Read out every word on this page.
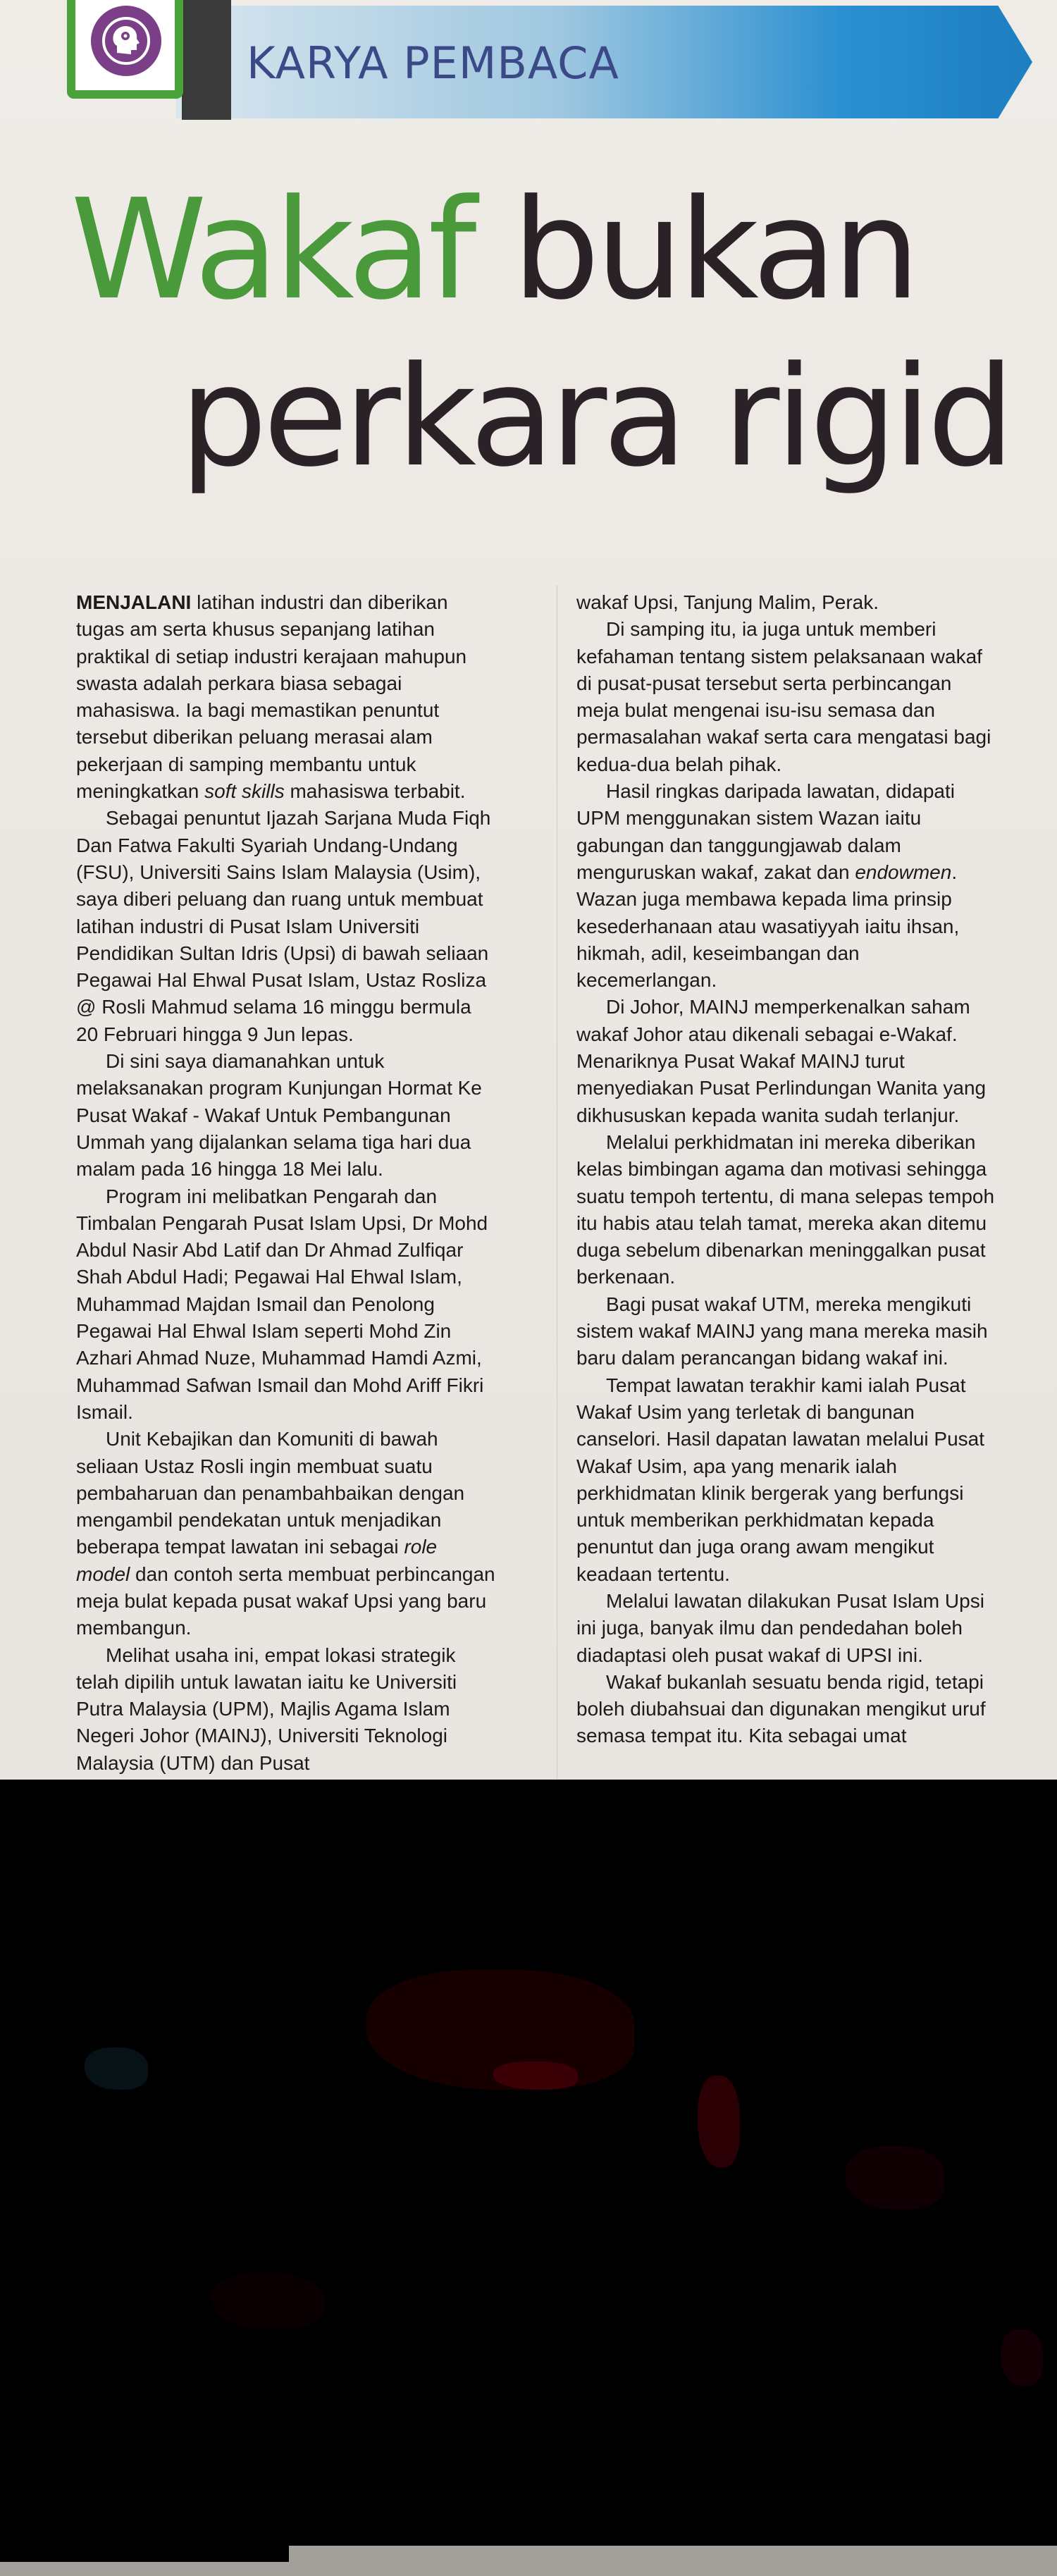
KARYA PEMBACA
Wakaf bukan
perkara rigid

MENJALANI latihan industri dan diberikan tugas am serta khusus sepanjang latihan praktikal di setiap industri kerajaan mahupun swasta adalah perkara biasa sebagai mahasiswa. Ia bagi memastikan penuntut tersebut diberikan peluang merasai alam pekerjaan di samping membantu untuk meningkatkan soft skills mahasiswa terbabit.

Sebagai penuntut Ijazah Sarjana Muda Fiqh Dan Fatwa Fakulti Syariah Undang-Undang (FSU), Universiti Sains Islam Malaysia (Usim), saya diberi peluang dan ruang untuk membuat latihan industri di Pusat Islam Universiti Pendidikan Sultan Idris (Upsi) di bawah seliaan Pegawai Hal Ehwal Pusat Islam, Ustaz Rosliza @ Rosli Mahmud selama 16 minggu bermula 20 Februari hingga 9 Jun lepas.

Di sini saya diamanahkan untuk melaksanakan program Kunjungan Hormat Ke Pusat Wakaf - Wakaf Untuk Pembangunan Ummah yang dijalankan selama tiga hari dua malam pada 16 hingga 18 Mei lalu.

Program ini melibatkan Pengarah dan Timbalan Pengarah Pusat Islam Upsi, Dr Mohd Abdul Nasir Abd Latif dan Dr Ahmad Zulfiqar Shah Abdul Hadi; Pegawai Hal Ehwal Islam, Muhammad Majdan Ismail dan Penolong Pegawai Hal Ehwal Islam seperti Mohd Zin Azhari Ahmad Nuze, Muhammad Hamdi Azmi, Muhammad Safwan Ismail dan Mohd Ariff Fikri Ismail.

Unit Kebajikan dan Komuniti di bawah seliaan Ustaz Rosli ingin membuat suatu pembaharuan dan penambahbaikan dengan mengambil pendekatan untuk menjadikan beberapa tempat lawatan ini sebagai role model dan contoh serta membuat perbincangan meja bulat kepada pusat wakaf Upsi yang baru membangun.

Melihat usaha ini, empat lokasi strategik telah dipilih untuk lawatan iaitu ke Universiti Putra Malaysia (UPM), Majlis Agama Islam Negeri Johor (MAINJ), Universiti Teknologi Malaysia (UTM) dan Pusat

wakaf Upsi, Tanjung Malim, Perak.

Di samping itu, ia juga untuk memberi kefahaman tentang sistem pelaksanaan wakaf di pusat-pusat tersebut serta perbincangan meja bulat mengenai isu-isu semasa dan permasalahan wakaf serta cara mengatasi bagi kedua-dua belah pihak.

Hasil ringkas daripada lawatan, didapati UPM menggunakan sistem Wazan iaitu gabungan dan tanggungjawab dalam menguruskan wakaf, zakat dan endowmen. Wazan juga membawa kepada lima prinsip kesederhanaan atau wasatiyyah iaitu ihsan, hikmah, adil, keseimbangan dan kecemerlangan.

Di Johor, MAINJ memperkenalkan saham wakaf Johor atau dikenali sebagai e-Wakaf. Menariknya Pusat Wakaf MAINJ turut menyediakan Pusat Perlindungan Wanita yang dikhususkan kepada wanita sudah terlanjur.

Melalui perkhidmatan ini mereka diberikan kelas bimbingan agama dan motivasi sehingga suatu tempoh tertentu, di mana selepas tempoh itu habis atau telah tamat, mereka akan ditemu duga sebelum dibenarkan meninggalkan pusat berkenaan.

Bagi pusat wakaf UTM, mereka mengikuti sistem wakaf MAINJ yang mana mereka masih baru dalam perancangan bidang wakaf ini.

Tempat lawatan terakhir kami ialah Pusat Wakaf Usim yang terletak di bangunan canselori. Hasil dapatan lawatan melalui Pusat Wakaf Usim, apa yang menarik ialah perkhidmatan klinik bergerak yang berfungsi untuk memberikan perkhidmatan kepada penuntut dan juga orang awam mengikut keadaan tertentu.

Melalui lawatan dilakukan Pusat Islam Upsi ini juga, banyak ilmu dan pendedahan boleh diadaptasi oleh pusat wakaf di UPSI ini.

Wakaf bukanlah sesuatu benda rigid, tetapi boleh diubahsuai dan digunakan mengikut uruf semasa tempat itu. Kita sebagai umat
